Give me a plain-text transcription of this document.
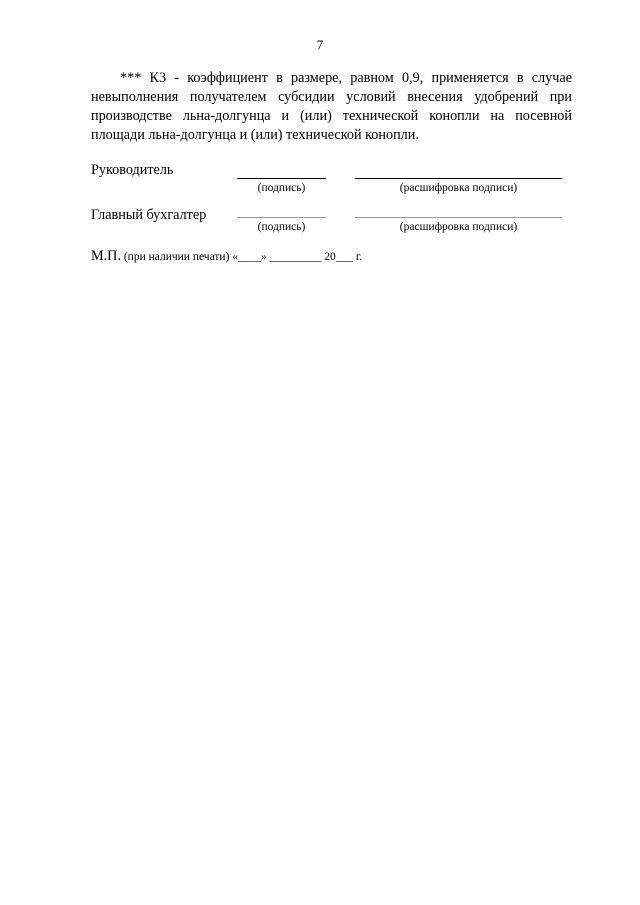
7

*** К3 - коэффициент в размере, равном 0,9, применяется в случае невыполнения получателем субсидии условий внесения удобрений при производстве льна-долгунца и (или) технической конопли на посевной площади льна-долгунца и (или) технической конопли.

Руководитель
(подпись)	(расшифровка подписи)
Главный бухгалтер
(подпись)	(расшифровка подписи)
М.П. (при наличии печати) «____» _________ 20___ г.
